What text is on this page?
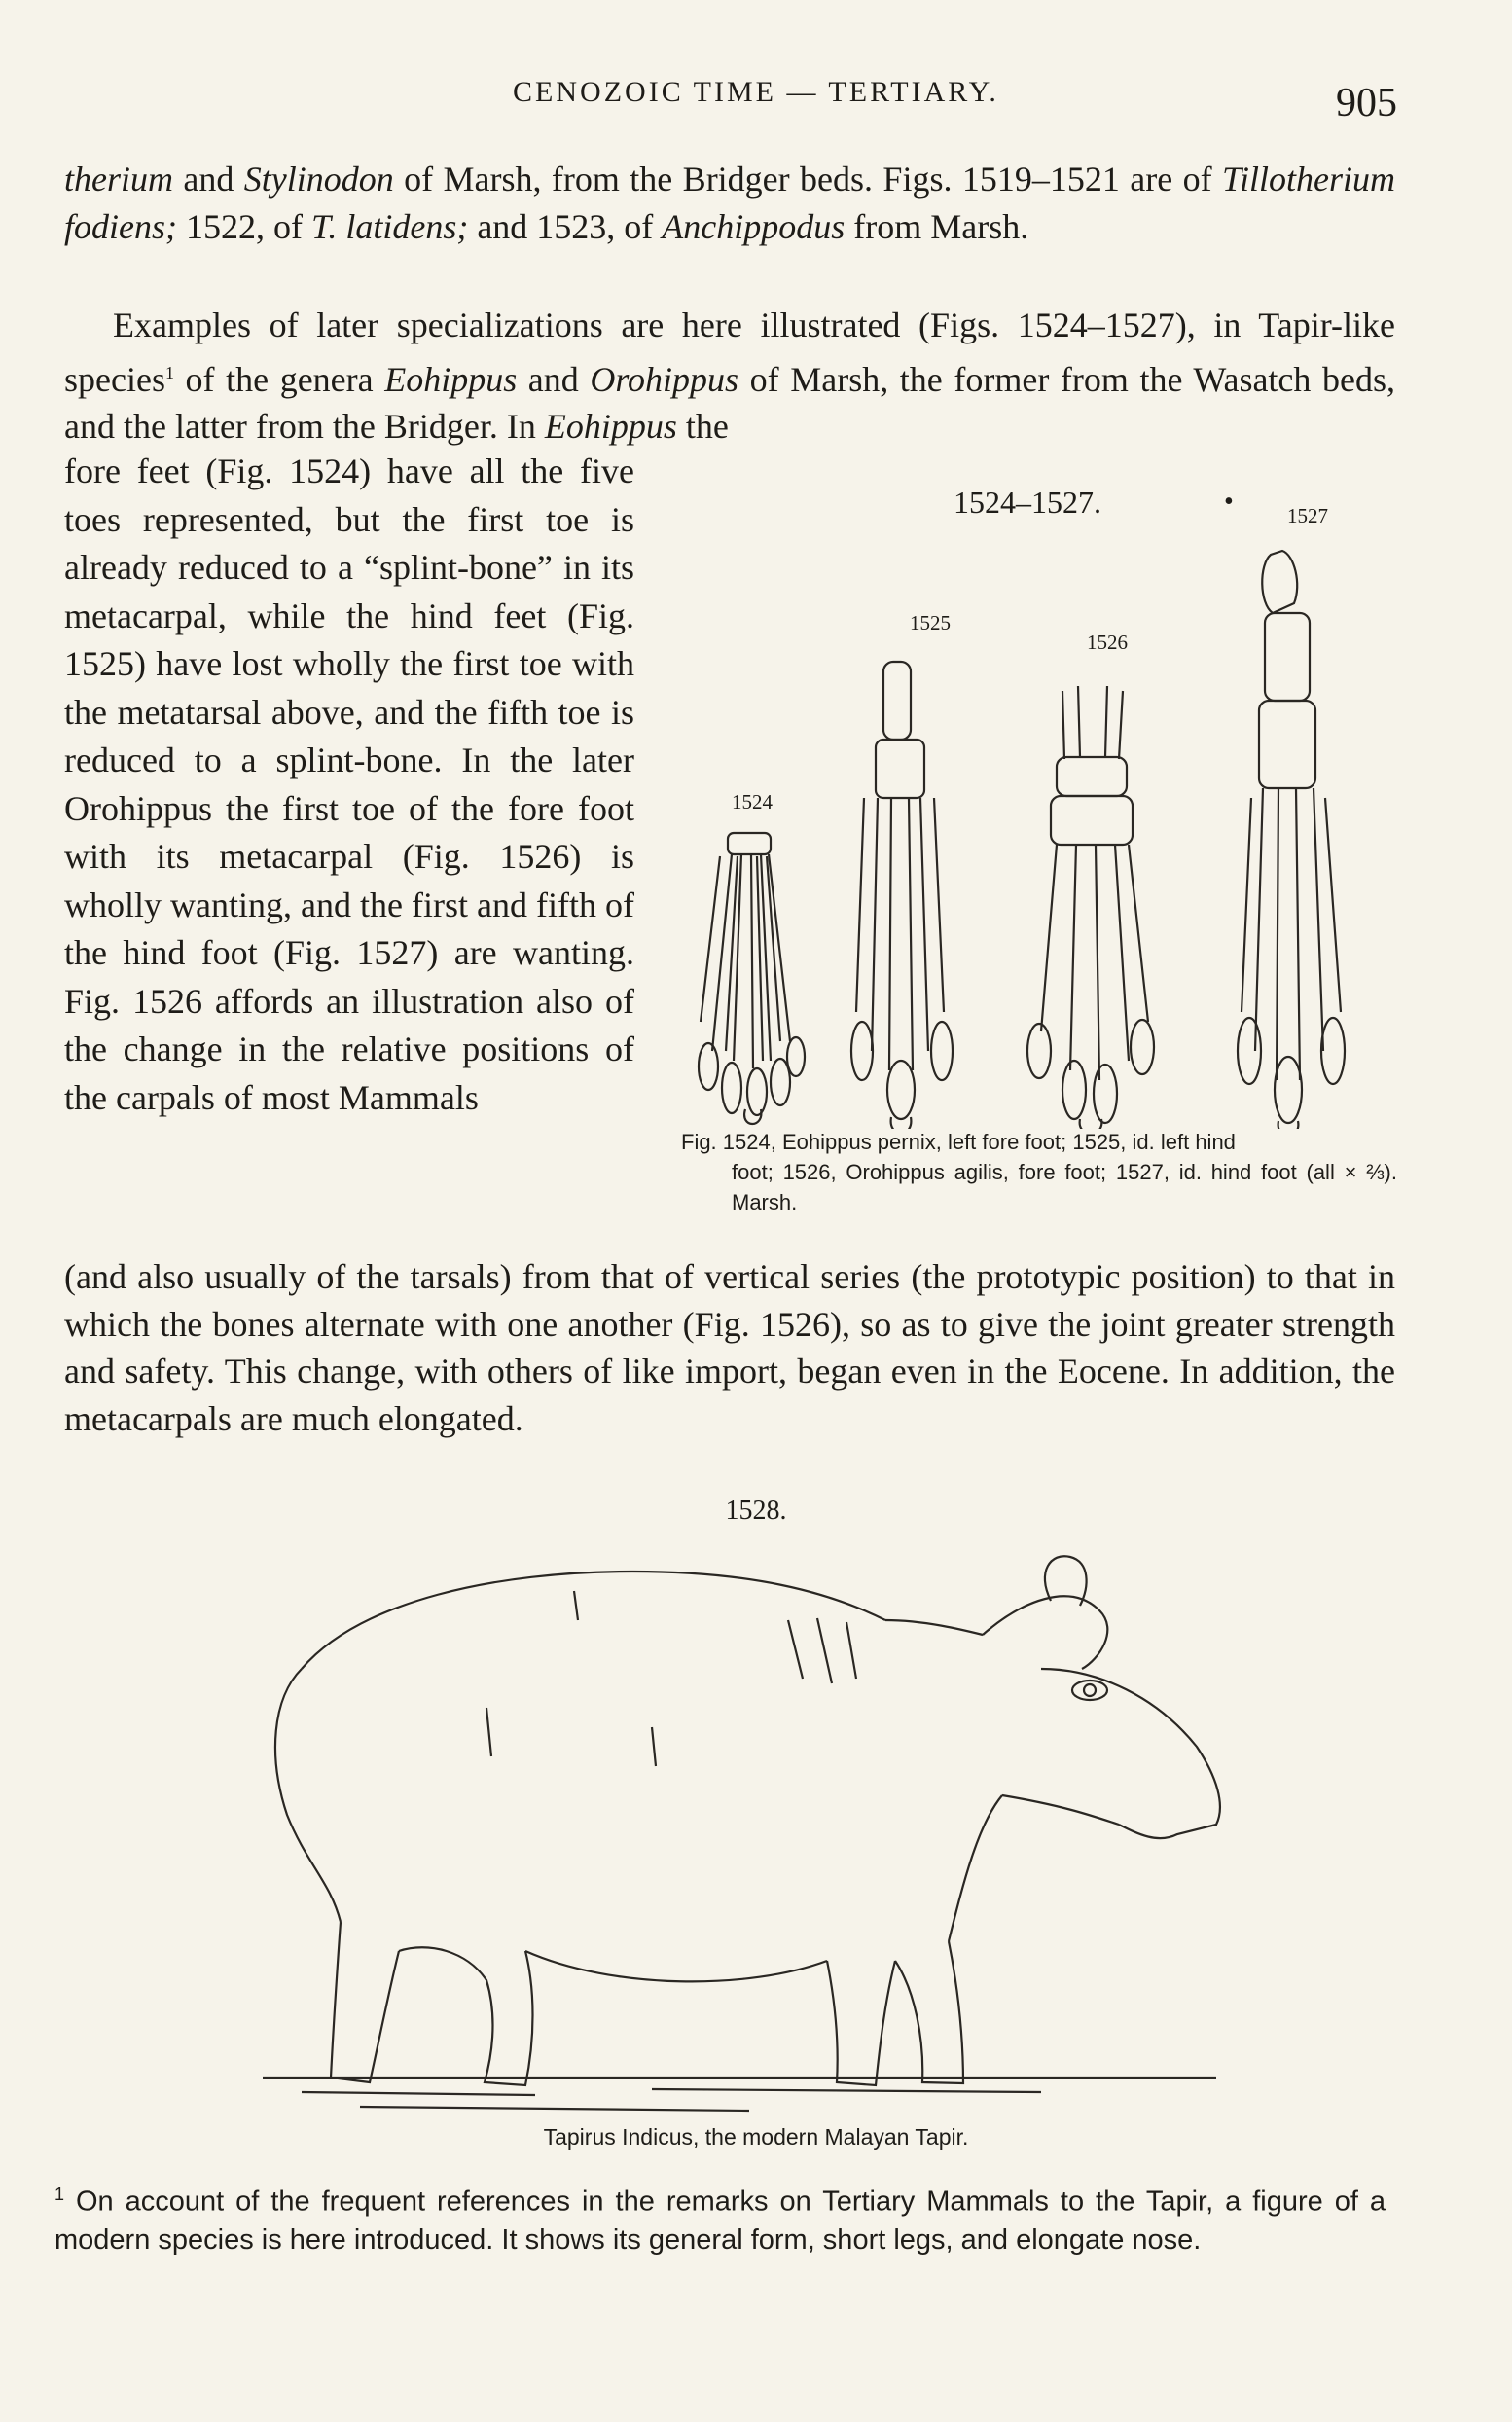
CENOZOIC TIME — TERTIARY.	905

therium and Stylinodon of Marsh, from the Bridger beds. Figs. 1519–1521 are of Tillotherium fodiens; 1522, of T. latidens; and 1523, of Anchippodus from Marsh.

Examples of later specializations are here illustrated (Figs. 1524–1527), in Tapir-like species$^1$ of the genera Eohippus and Orohippus of Marsh, the former from the Wasatch beds, and the latter from the Bridger. In Eohippus the

fore feet (Fig. 1524) have all the five toes represented, but the first toe is already reduced to a “splint-bone” in its metacarpal, while the hind feet (Fig. 1525) have lost wholly the first toe with the metatarsal above, and the fifth toe is reduced to a splint-bone. In the later Orohippus the first toe of the fore foot with its metacarpal (Fig. 1526) is wholly wanting, and the first and fifth of the hind foot (Fig. 1527) are wanting. Fig. 1526 affords an illustration also of the change in the relative positions of the carpals of most Mammals
1524–1527.	•
1524
1525
1526
1527
Fig. 1524, Eohippus pernix, left fore foot; 1525, id. left hind
foot; 1526, Orohippus agilis, fore foot; 1527, id. hind foot (all × ⅔). Marsh.

(and also usually of the tarsals) from that of vertical series (the prototypic position) to that in which the bones alternate with one another (Fig. 1526), so as to give the joint greater strength and safety. This change, with others of like import, began even in the Eocene. In addition, the metacarpals are much elongated.

1528.
Tapirus Indicus, the modern Malayan Tapir.
$^1$ On account of the frequent references in the remarks on Tertiary Mammals to the Tapir, a figure of a modern species is here introduced. It shows its general form, short legs, and elongate nose.
